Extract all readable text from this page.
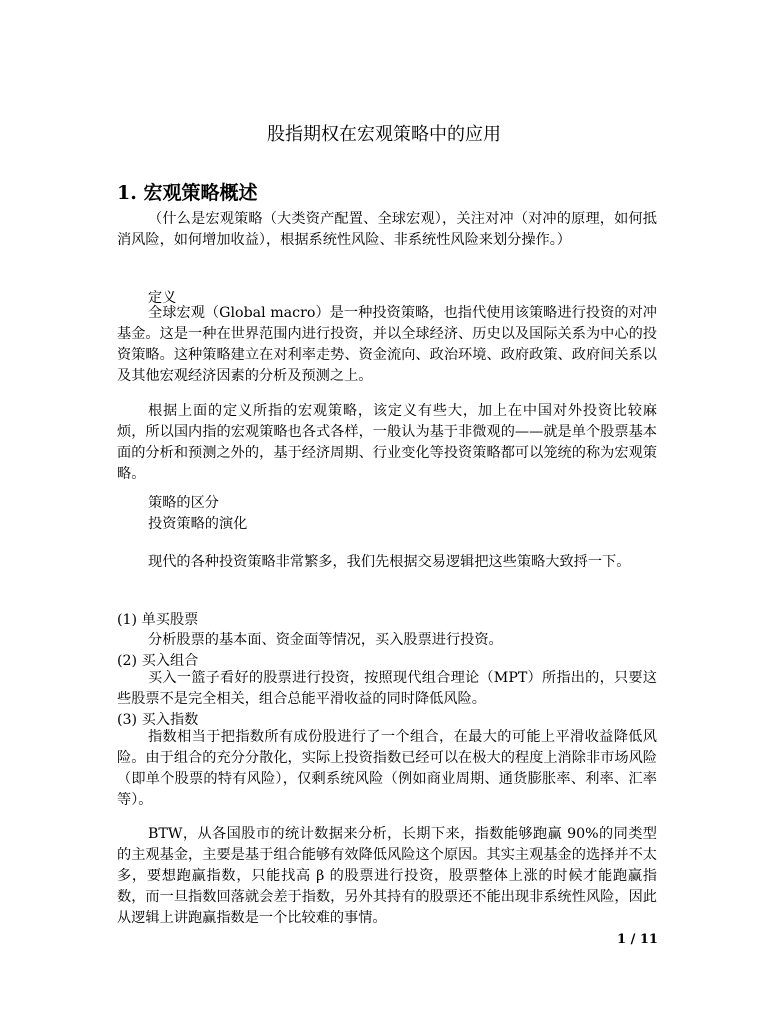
股指期权在宏观策略中的应用
1. 宏观策略概述
（什么是宏观策略（大类资产配置、全球宏观），关注对冲（对冲的原理，如何抵消风险，如何增加收益），根据系统性风险、非系统性风险来划分操作。）
定义
全球宏观（Global macro）是一种投资策略，也指代使用该策略进行投资的对冲基金。这是一种在世界范围内进行投资，并以全球经济、历史以及国际关系为中心的投资策略。这种策略建立在对利率走势、资金流向、政治环境、政府政策、政府间关系以及其他宏观经济因素的分析及预测之上。
根据上面的定义所指的宏观策略，该定义有些大，加上在中国对外投资比较麻烦，所以国内指的宏观策略也各式各样，一般认为基于非微观的——就是单个股票基本面的分析和预测之外的，基于经济周期、行业变化等投资策略都可以笼统的称为宏观策略。
策略的区分
投资策略的演化
现代的各种投资策略非常繁多，我们先根据交易逻辑把这些策略大致捋一下。
(1) 单买股票
分析股票的基本面、资金面等情况，买入股票进行投资。
(2) 买入组合
买入一篮子看好的股票进行投资，按照现代组合理论（MPT）所指出的，只要这些股票不是完全相关，组合总能平滑收益的同时降低风险。
(3) 买入指数
指数相当于把指数所有成份股进行了一个组合，在最大的可能上平滑收益降低风险。由于组合的充分分散化，实际上投资指数已经可以在极大的程度上消除非市场风险（即单个股票的特有风险），仅剩系统风险（例如商业周期、通货膨胀率、利率、汇率等）。
BTW，从各国股市的统计数据来分析，长期下来，指数能够跑赢 90%的同类型的主观基金，主要是基于组合能够有效降低风险这个原因。其实主观基金的选择并不太多，要想跑赢指数，只能找高 β 的股票进行投资，股票整体上涨的时候才能跑赢指数，而一旦指数回落就会差于指数，另外其持有的股票还不能出现非系统性风险，因此从逻辑上讲跑赢指数是一个比较难的事情。
1 / 11
